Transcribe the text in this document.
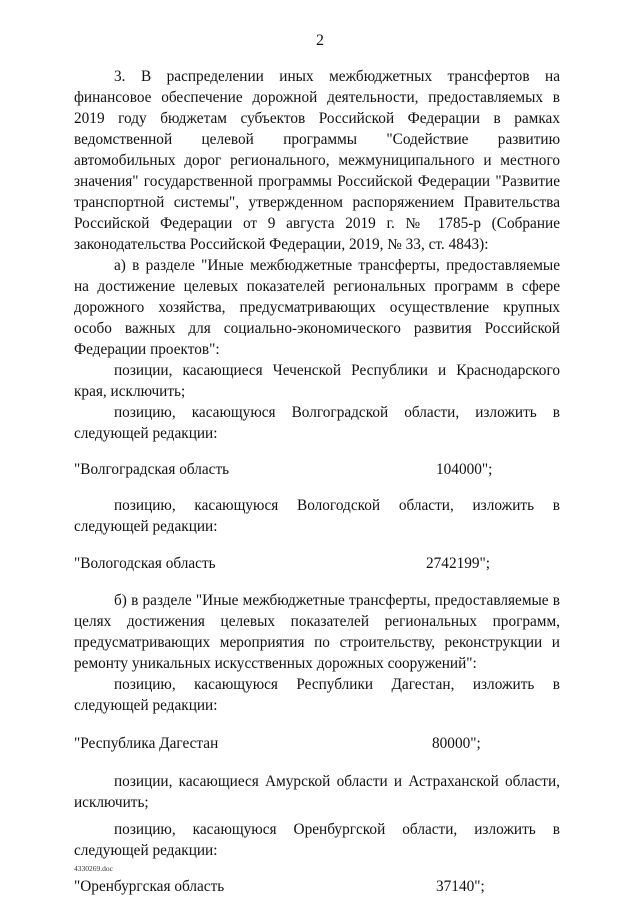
2

3. В распределении иных межбюджетных трансфертов на финансовое обеспечение дорожной деятельности, предоставляемых в 2019 году бюджетам субъектов Российской Федерации в рамках ведомственной целевой программы "Содействие развитию автомобильных дорог регионального, межмуниципального и местного значения" государственной программы Российской Федерации "Развитие транспортной системы", утвержденном распоряжением Правительства Российской Федерации от 9 августа 2019 г. № 1785-р (Собрание законодательства Российской Федерации, 2019, № 33, ст. 4843):

а) в разделе "Иные межбюджетные трансферты, предоставляемые на достижение целевых показателей региональных программ в сфере дорожного хозяйства, предусматривающих осуществление крупных особо важных для социально-экономического развития Российской Федерации проектов":

позиции, касающиеся Чеченской Республики и Краснодарского края, исключить;

позицию, касающуюся Волгоградской области, изложить в следующей редакции:

"Волгоградская область	104000";

позицию, касающуюся Вологодской области, изложить в следующей редакции:

"Вологодская область	2742199";

б) в разделе "Иные межбюджетные трансферты, предоставляемые в целях достижения целевых показателей региональных программ, предусматривающих мероприятия по строительству, реконструкции и ремонту уникальных искусственных дорожных сооружений":

позицию, касающуюся Республики Дагестан, изложить в следующей редакции:

"Республика Дагестан	80000";

позиции, касающиеся Амурской области и Астраханской области, исключить;

позицию, касающуюся Оренбургской области, изложить в следующей редакции:

"Оренбургская область	37140";
4330269.doc
